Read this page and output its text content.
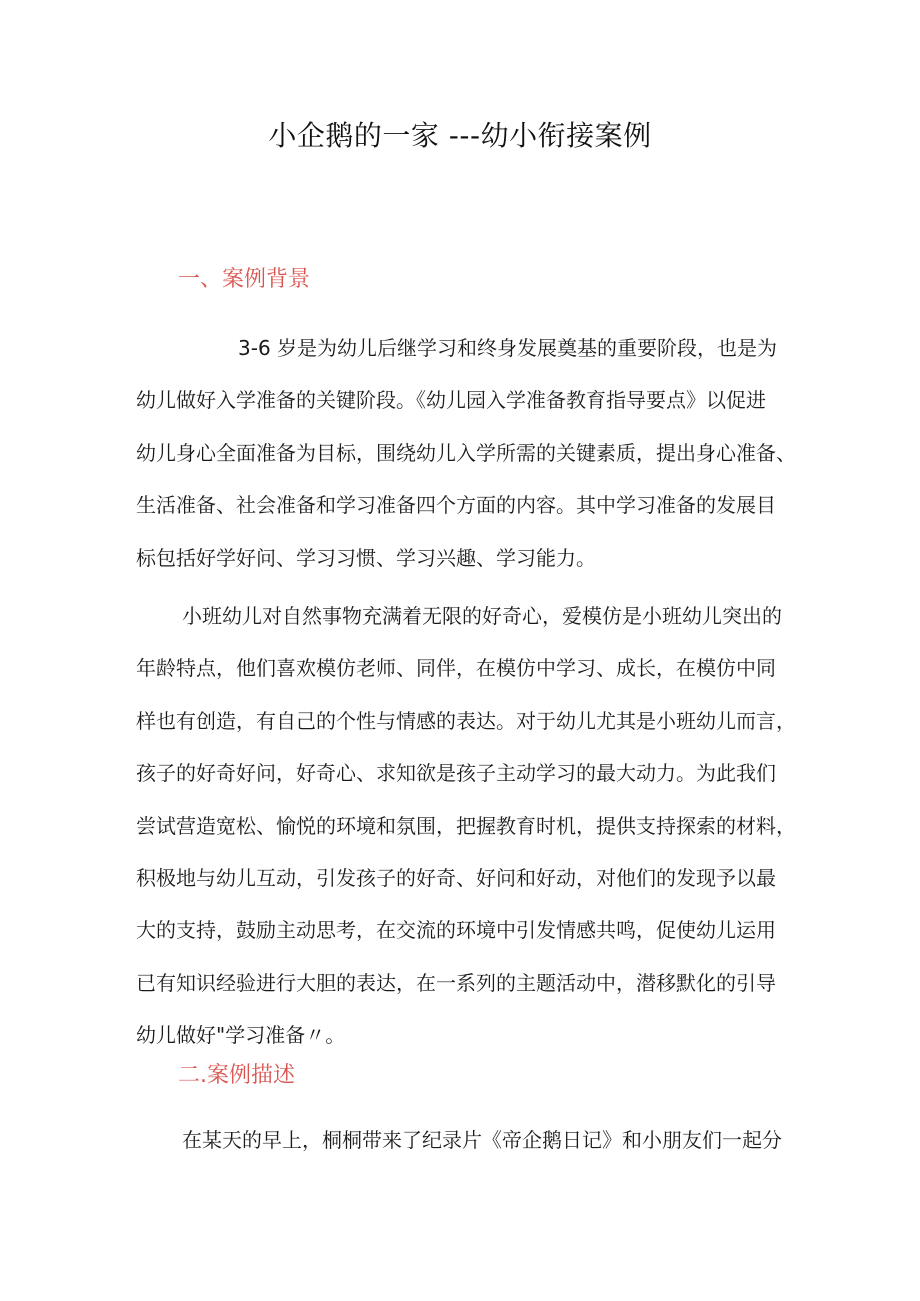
小企鹅的一家 ---幼小衔接案例
一、案例背景
3-6 岁是为幼儿后继学习和终身发展奠基的重要阶段，也是为
幼儿做好入学准备的关键阶段。《幼儿园入学准备教育指导要点》以促进
幼儿身心全面准备为目标，围绕幼儿入学所需的关键素质，提出身心准备、
生活准备、社会准备和学习准备四个方面的内容。其中学习准备的发展目
标包括好学好问、学习习惯、学习兴趣、学习能力。
小班幼儿对自然事物充满着无限的好奇心，爱模仿是小班幼儿突出的
年龄特点，他们喜欢模仿老师、同伴，在模仿中学习、成长，在模仿中同
样也有创造，有自己的个性与情感的表达。对于幼儿尤其是小班幼儿而言，
孩子的好奇好问，好奇心、求知欲是孩子主动学习的最大动力。为此我们
尝试营造宽松、愉悦的环境和氛围，把握教育时机，提供支持探索的材料，
积极地与幼儿互动，引发孩子的好奇、好问和好动，对他们的发现予以最
大的支持，鼓励主动思考，在交流的环境中引发情感共鸣，促使幼儿运用
已有知识经验进行大胆的表达，在一系列的主题活动中，潜移默化的引导
幼儿做好"学习准备〃。
二.案例描述
在某天的早上，桐桐带来了纪录片《帝企鹅日记》和小朋友们一起分
